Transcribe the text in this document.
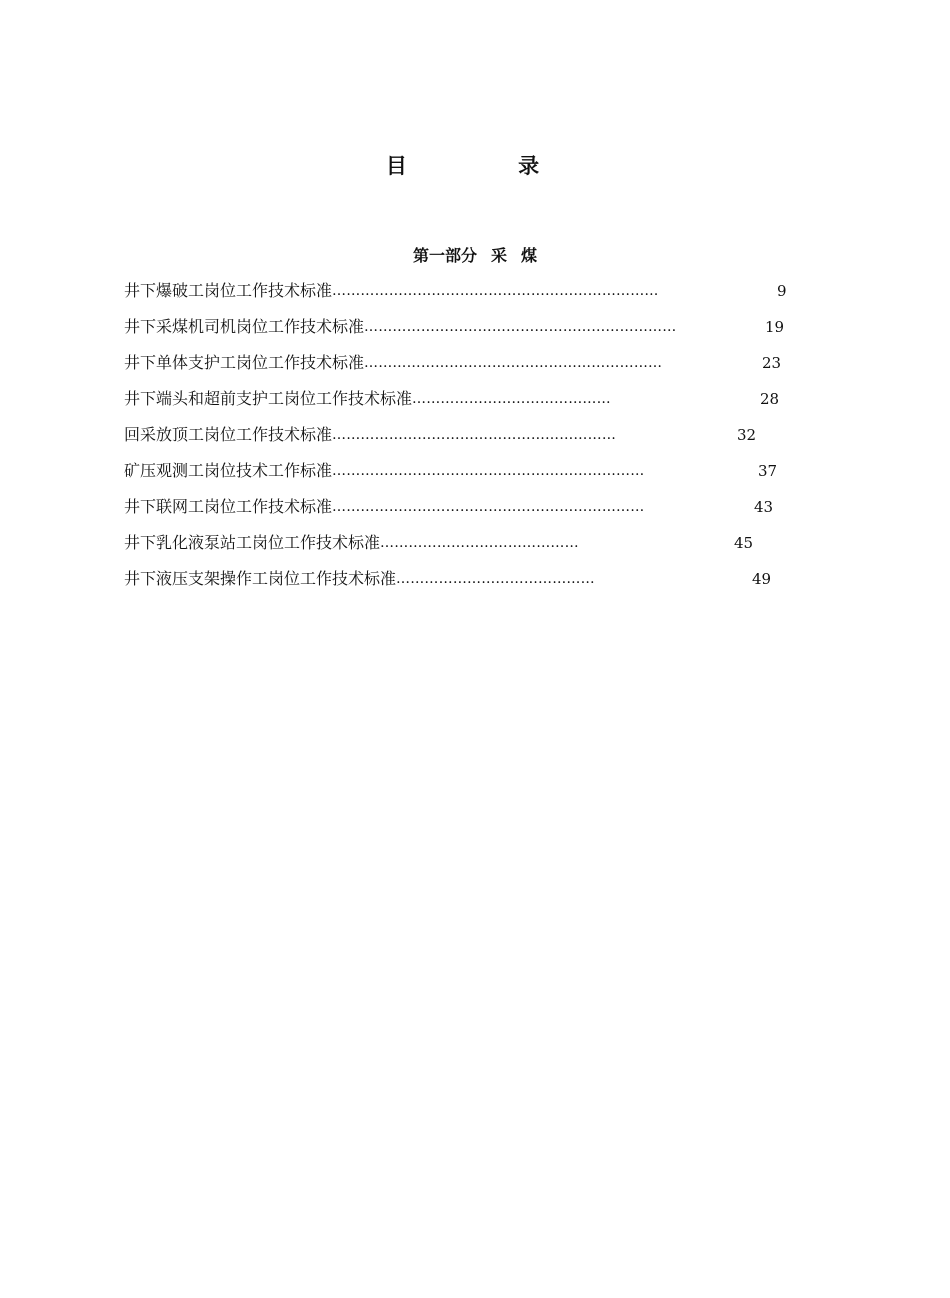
目 录
第一部分 采 煤
井下爆破工岗位工作技术标准……………………………………………………………	9
井下采煤机司机岗位工作技术标准…………………………………………………………	19
井下单体支护工岗位工作技术标准………………………………………………………	23
井下端头和超前支护工岗位工作技术标准……………………………………	28
回采放顶工岗位工作技术标准……………………………………………………	32
矿压观测工岗位技术工作标准…………………………………………………………	37
井下联网工岗位工作技术标准…………………………………………………………	43
井下乳化液泵站工岗位工作技术标准……………………………………	45
井下液压支架操作工岗位工作技术标准……………………………………	49
